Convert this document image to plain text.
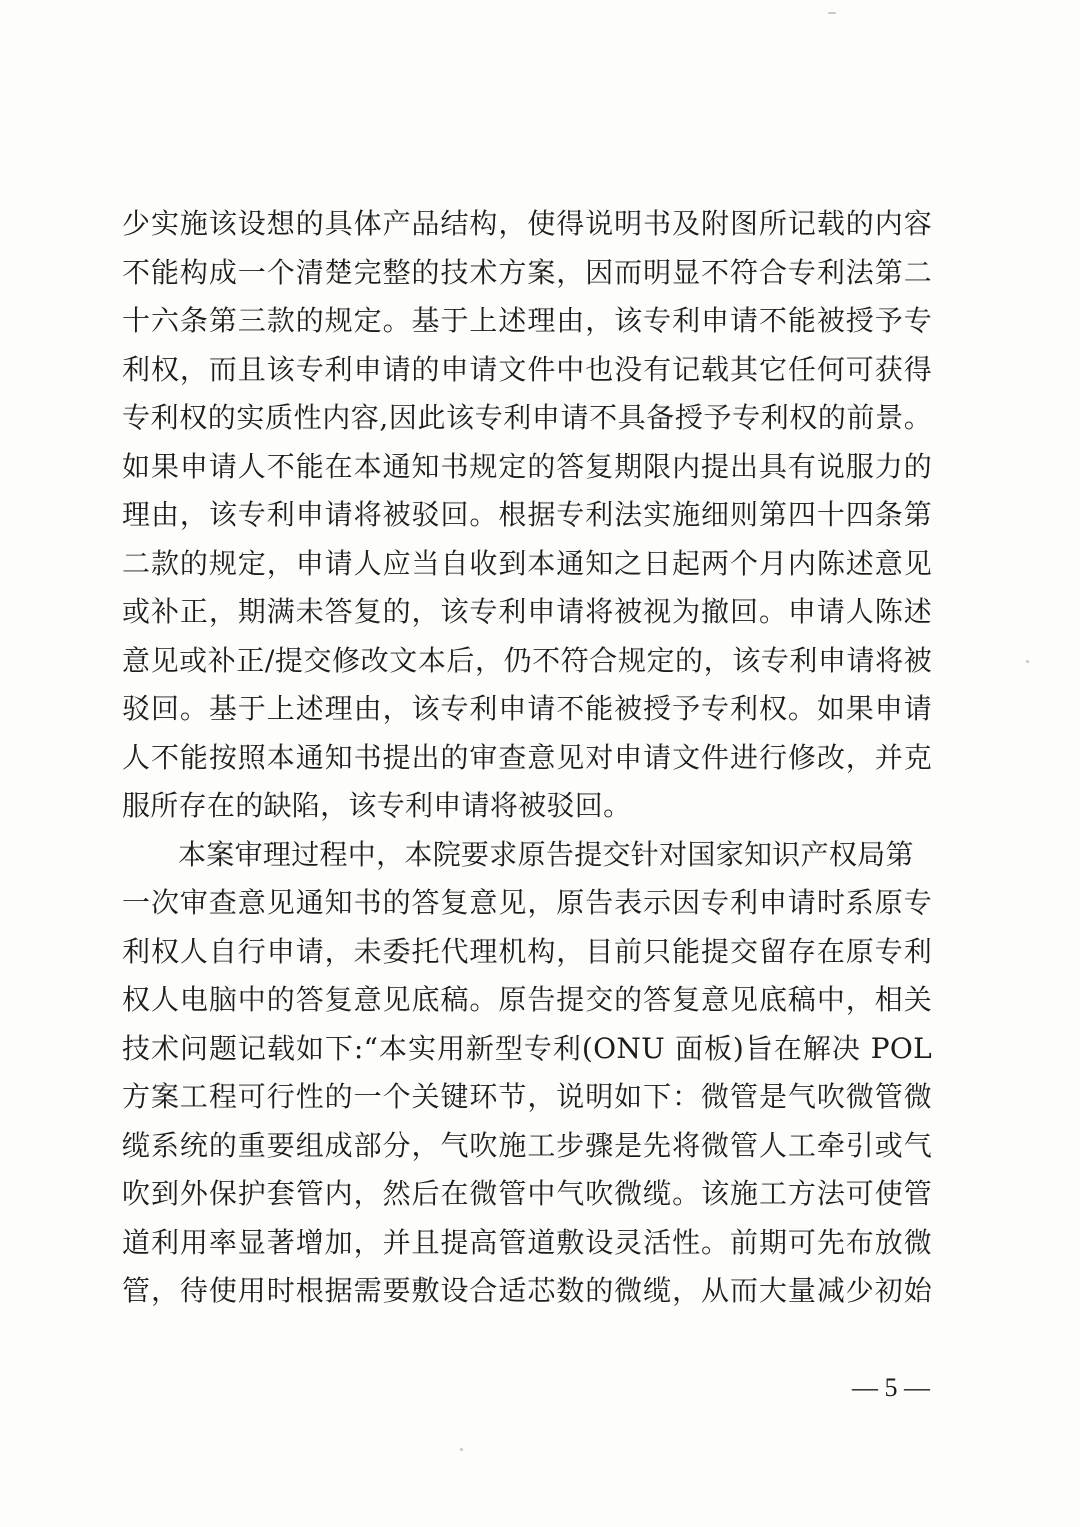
少实施该设想的具体产品结构，使得说明书及附图所记载的内容
不能构成一个清楚完整的技术方案，因而明显不符合专利法第二
十六条第三款的规定。基于上述理由，该专利申请不能被授予专
利权，而且该专利申请的申请文件中也没有记载其它任何可获得
专利权的实质性内容,因此该专利申请不具备授予专利权的前景。
如果申请人不能在本通知书规定的答复期限内提出具有说服力的
理由，该专利申请将被驳回。根据专利法实施细则第四十四条第
二款的规定，申请人应当自收到本通知之日起两个月内陈述意见
或补正，期满未答复的，该专利申请将被视为撤回。申请人陈述
意见或补正/提交修改文本后，仍不符合规定的，该专利申请将被
驳回。基于上述理由，该专利申请不能被授予专利权。如果申请
人不能按照本通知书提出的审查意见对申请文件进行修改，并克
服所存在的缺陷，该专利申请将被驳回。
本案审理过程中，本院要求原告提交针对国家知识产权局第
一次审查意见通知书的答复意见，原告表示因专利申请时系原专
利权人自行申请，未委托代理机构，目前只能提交留存在原专利
权人电脑中的答复意见底稿。原告提交的答复意见底稿中，相关
技术问题记载如下:“本实用新型专利(ONU 面板)旨在解决 POL
方案工程可行性的一个关键环节，说明如下：微管是气吹微管微
缆系统的重要组成部分，气吹施工步骤是先将微管人工牵引或气
吹到外保护套管内，然后在微管中气吹微缆。该施工方法可使管
道利用率显著增加，并且提高管道敷设灵活性。前期可先布放微
管，待使用时根据需要敷设合适芯数的微缆，从而大量减少初始
— 5 —
